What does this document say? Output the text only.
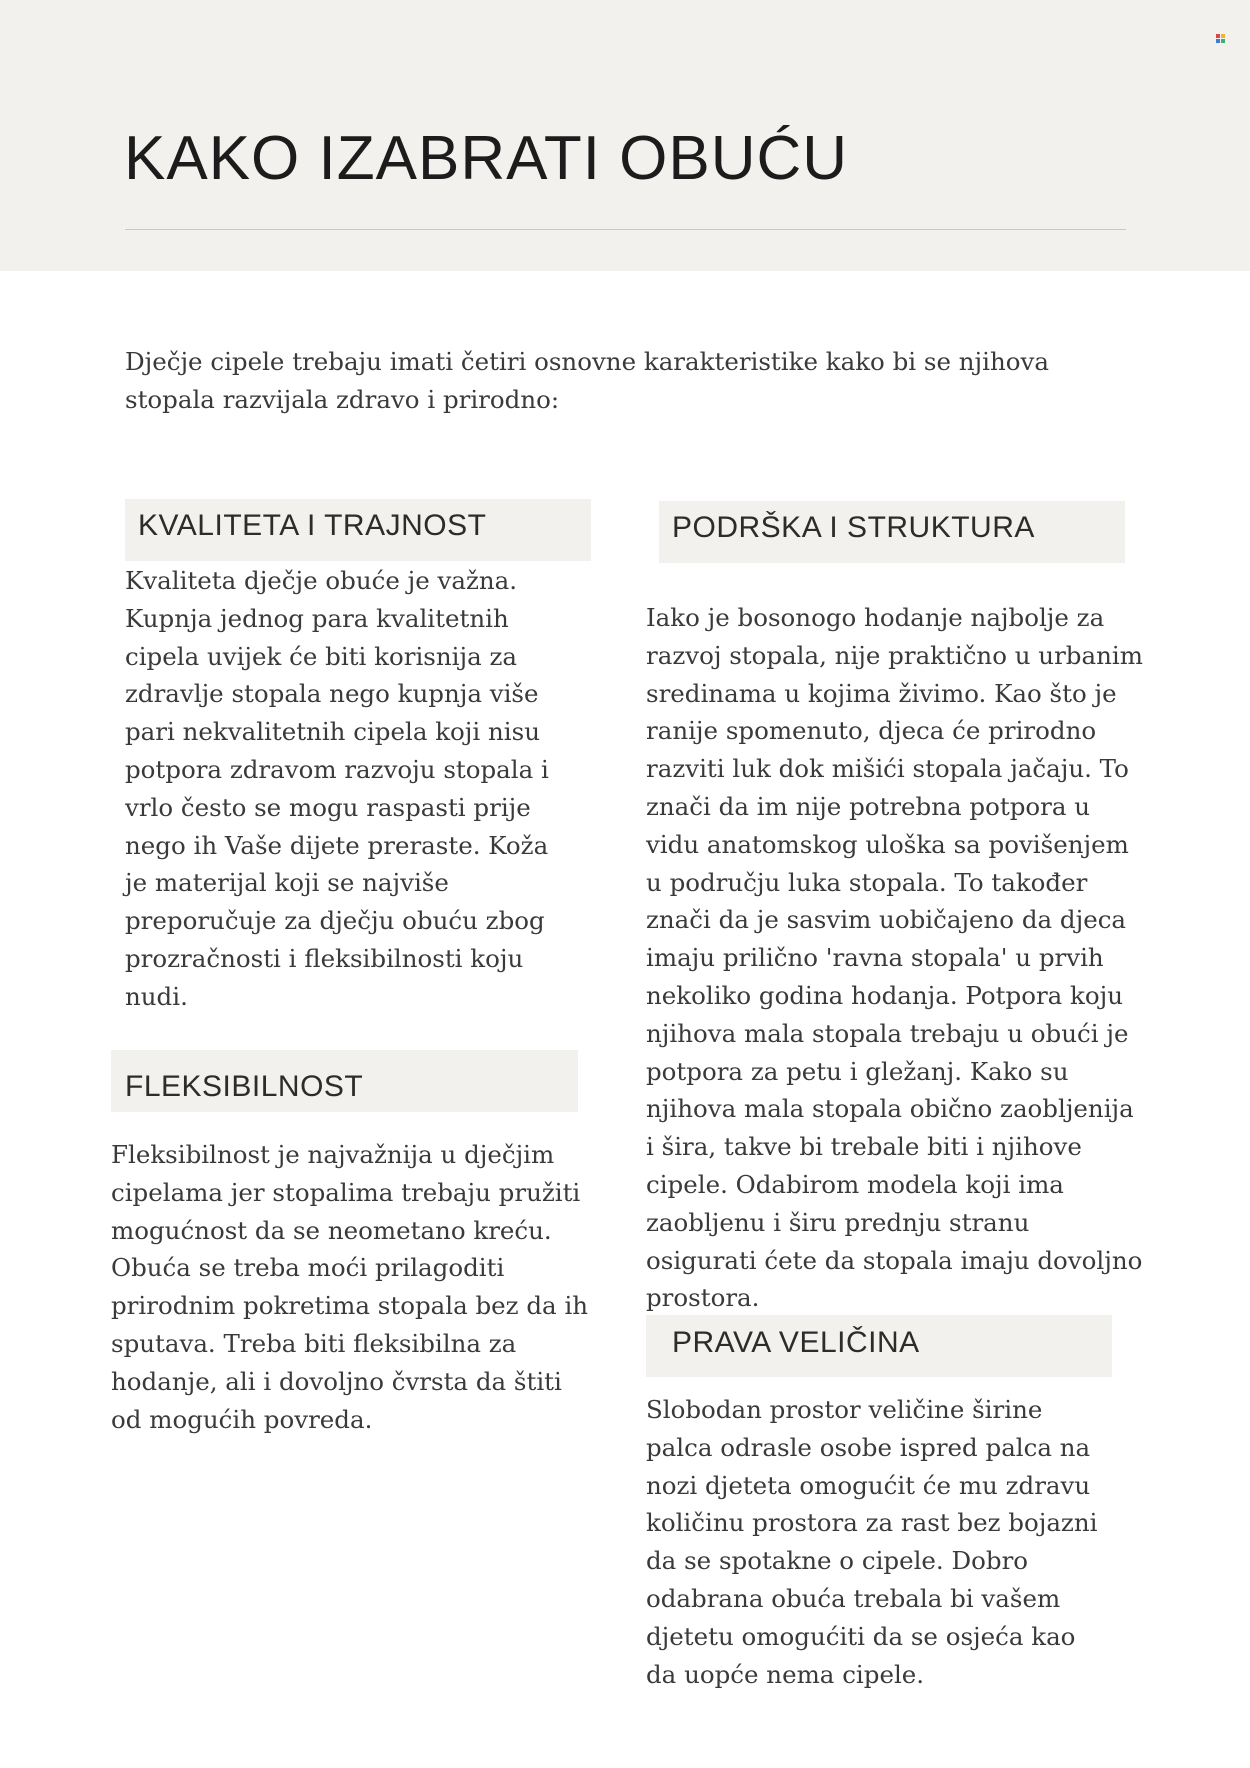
KAKO IZABRATI OBUĆU

Dječje cipele trebaju imati četiri osnovne karakteristike kako bi se njihova stopala razvijala zdravo i prirodno:

KVALITETA I TRAJNOST

Kvaliteta dječje obuće je važna. Kupnja jednog para kvalitetnih cipela uvijek će biti korisnija za zdravlje stopala nego kupnja više pari nekvalitetnih cipela koji nisu potpora zdravom razvoju stopala i vrlo često se mogu raspasti prije nego ih Vaše dijete preraste. Koža je materijal koji se najviše preporučuje za dječju obuću zbog prozračnosti i fleksibilnosti koju nudi.

FLEKSIBILNOST

Fleksibilnost je najvažnija u dječjim cipelama jer stopalima trebaju pružiti mogućnost da se neometano kreću. Obuća se treba moći prilagoditi prirodnim pokretima stopala bez da ih sputava. Treba biti fleksibilna za hodanje, ali i dovoljno čvrsta da štiti od mogućih povreda.

PODRŠKA I STRUKTURA

Iako je bosonogo hodanje najbolje za razvoj stopala, nije praktično u urbanim sredinama u kojima živimo. Kao što je ranije spomenuto, djeca će prirodno razviti luk dok mišići stopala jačaju. To znači da im nije potrebna potpora u vidu anatomskog uloška sa povišenjem u području luka stopala. To također znači da je sasvim uobičajeno da djeca imaju prilično 'ravna stopala' u prvih nekoliko godina hodanja. Potpora koju njihova mala stopala trebaju u obući je potpora za petu i gležanj. Kako su njihova mala stopala obično zaobljenija i šira, takve bi trebale biti i njihove cipele. Odabirom modela koji ima zaobljenu i širu prednju stranu osigurati ćete da stopala imaju dovoljno prostora.

PRAVA VELIČINA

Slobodan prostor veličine širine palca odrasle osobe ispred palca na nozi djeteta omogućit će mu zdravu količinu prostora za rast bez bojazni da se spotakne o cipele. Dobro odabrana obuća trebala bi vašem djetetu omogućiti da se osjeća kao da uopće nema cipele.
